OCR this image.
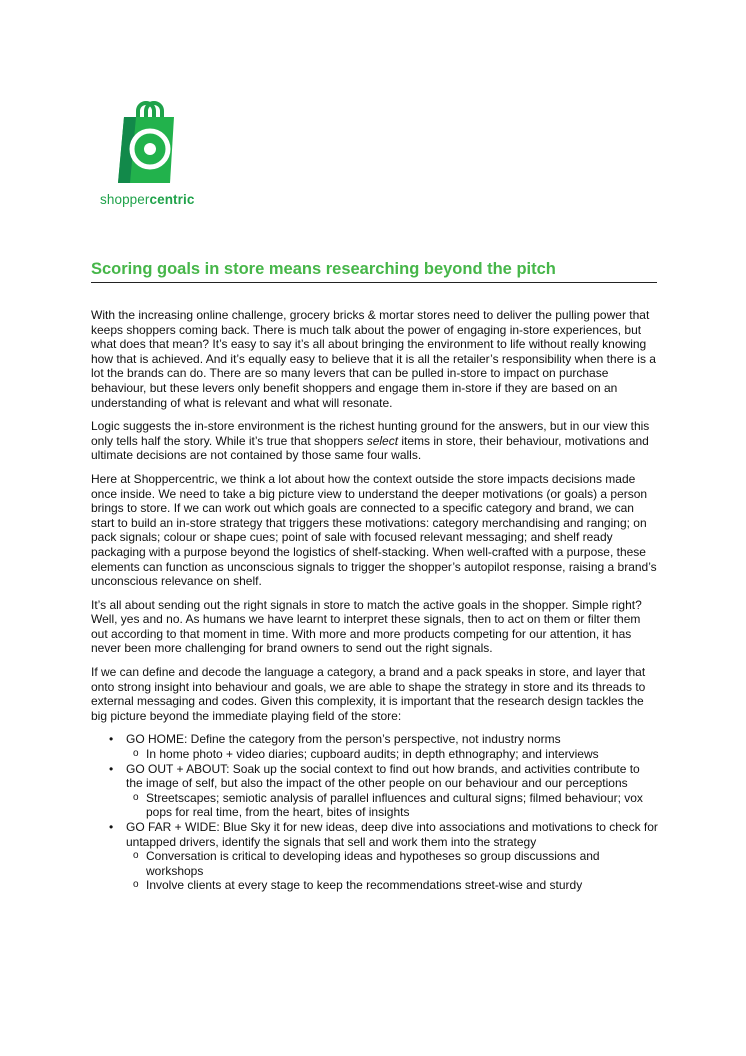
shoppercentric
Scoring goals in store means researching beyond the pitch

With the increasing online challenge, grocery bricks & mortar stores need to deliver the pulling power that keeps shoppers coming back. There is much talk about the power of engaging in-store experiences, but what does that mean? It’s easy to say it’s all about bringing the environment to life without really knowing how that is achieved. And it’s equally easy to believe that it is all the retailer’s responsibility when there is a lot the brands can do. There are so many levers that can be pulled in-store to impact on purchase behaviour, but these levers only benefit shoppers and engage them in-store if they are based on an understanding of what is relevant and what will resonate.

Logic suggests the in-store environment is the richest hunting ground for the answers, but in our view this only tells half the story. While it’s true that shoppers select items in store, their behaviour, motivations and ultimate decisions are not contained by those same four walls.

Here at Shoppercentric, we think a lot about how the context outside the store impacts decisions made once inside. We need to take a big picture view to understand the deeper motivations (or goals) a person brings to store. If we can work out which goals are connected to a specific category and brand, we can start to build an in-store strategy that triggers these motivations: category merchandising and ranging; on pack signals; colour or shape cues; point of sale with focused relevant messaging; and shelf ready packaging with a purpose beyond the logistics of shelf-stacking. When well-crafted with a purpose, these elements can function as unconscious signals to trigger the shopper’s autopilot response, raising a brand’s unconscious relevance on shelf.

It’s all about sending out the right signals in store to match the active goals in the shopper. Simple right? Well, yes and no. As humans we have learnt to interpret these signals, then to act on them or filter them out according to that moment in time. With more and more products competing for our attention, it has never been more challenging for brand owners to send out the right signals.

If we can define and decode the language a category, a brand and a pack speaks in store, and layer that onto strong insight into behaviour and goals, we are able to shape the strategy in store and its threads to external messaging and codes. Given this complexity, it is important that the research design tackles the big picture beyond the immediate playing field of the store:

• GO HOME: Define the category from the person’s perspective, not industry norms
o In home photo + video diaries; cupboard audits; in depth ethnography; and interviews
• GO OUT + ABOUT: Soak up the social context to find out how brands, and activities contribute to the image of self, but also the impact of the other people on our behaviour and our perceptions
o Streetscapes; semiotic analysis of parallel influences and cultural signs; filmed behaviour; vox pops for real time, from the heart, bites of insights
• GO FAR + WIDE: Blue Sky it for new ideas, deep dive into associations and motivations to check for untapped drivers, identify the signals that sell and work them into the strategy
o Conversation is critical to developing ideas and hypotheses so group discussions and workshops
o Involve clients at every stage to keep the recommendations street-wise and sturdy
